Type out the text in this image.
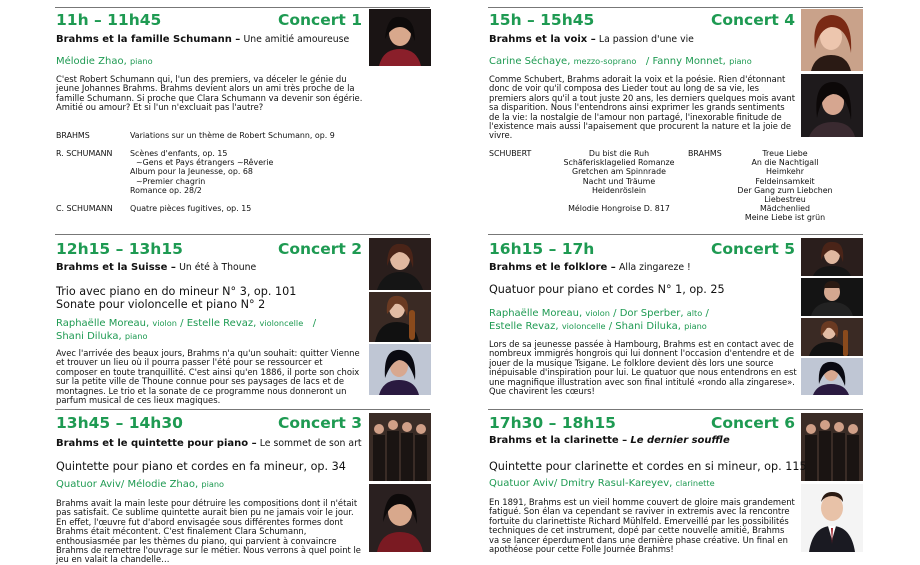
11h – 11h45	Concert 1
Brahms et la famille Schumann – Une amitié amoureuse
Mélodie Zhao, piano
C'est Robert Schumann qui, l'un des premiers, va déceler le génie du jeune Johannes Brahms. Brahms devient alors un ami très proche de la famille Schumann. Si proche que Clara Schumann va devenir son égérie. Amitié ou amour? Et si l'un n'excluait pas l'autre?
BRAHMS	Variations sur un thème de Robert Schumann, op. 9
R. SCHUMANN Scènes d'enfants, op. 15
~Gens et Pays étrangers ~Rêverie
Album pour la Jeunesse, op. 68
~Premier chagrin
Romance op. 28/2
C. SCHUMANN Quatre pièces fugitives, op. 15
12h15 – 13h15	Concert 2
Brahms et la Suisse – Un été à Thoune
Trio avec piano en do mineur N° 3, op. 101
Sonate pour violoncelle et piano N° 2
Raphaëlle Moreau, violon / Estelle Revaz, violoncelle /
Shani Diluka, piano
Avec l'arrivée des beaux jours, Brahms n'a qu'un souhait: quitter Vienne et trouver un lieu où il pourra passer l'été pour se ressourcer et composer en toute tranquillité. C'est ainsi qu'en 1886, il porte son choix sur la petite ville de Thoune connue pour ses paysages de lacs et de montagnes. Le trio et la sonate de ce programme nous donneront un parfum musical de ces lieux magiques.
13h45 – 14h30	Concert 3
Brahms et le quintette pour piano – Le sommet de son art
Quintette pour piano et cordes en fa mineur, op. 34
Quatuor Aviv/ Mélodie Zhao, piano
Brahms avait la main leste pour détruire les compositions dont il n'était pas satisfait. Ce sublime quintette aurait bien pu ne jamais voir le jour. En effet, l'œuvre fut d'abord envisagée sous différentes formes dont Brahms était mécontent. C'est finalement Clara Schumann, enthousiasmée par les thèmes du piano, qui parvient à convaincre Brahms de remettre l'ouvrage sur le métier. Nous verrons à quel point le jeu en valait la chandelle…
15h – 15h45	Concert 4
Brahms et la voix – La passion d'une vie
Carine Séchaye, mezzo-soprano / Fanny Monnet, piano
Comme Schubert, Brahms adorait la voix et la poésie. Rien d'étonnant donc de voir qu'il composa des Lieder tout au long de sa vie, les premiers alors qu'il a tout juste 20 ans, les derniers quelques mois avant sa disparition. Nous l'entendrons ainsi exprimer les grands sentiments de la vie: la nostalgie de l'amour non partagé, l'inexorable finitude de l'existence mais aussi l'apaisement que procurent la nature et la joie de vivre.
SCHUBERT	Du bist die Ruh
Schäferisklagelied Romanze
Gretchen am Spinnrade
Nacht und Träume
Heidenröslein

Mélodie Hongroise D. 817
BRAHMS	Treue Liebe
An die Nachtigall
Heimkehr
Feldeinsamkeit
Der Gang zum Liebchen
Liebestreu
Mädchenlied
Meine Liebe ist grün
16h15 – 17h	Concert 5
Brahms et le folklore – Alla zingareze !
Quatuor pour piano et cordes N° 1, op. 25
Raphaëlle Moreau, violon / Dor Sperber, alto /
Estelle Revaz, violoncelle / Shani Diluka, piano
Lors de sa jeunesse passée à Hambourg, Brahms est en contact avec de nombreux immigrés hongrois qui lui donnent l'occasion d'entendre et de jouer de la musique Tsigane. Le folklore devient dès lors une source inépuisable d'inspiration pour lui. Le quatuor que nous entendrons en est une magnifique illustration avec son final intitulé «rondo alla zingarese». Que chavirent les cœurs!
17h30 – 18h15	Concert 6
Brahms et la clarinette – Le dernier souffle
Quintette pour clarinette et cordes en si mineur, op. 115
Quatuor Aviv/ Dmitry Rasul-Kareyev, clarinette
En 1891, Brahms est un vieil homme couvert de gloire mais grandement fatigué. Son élan va cependant se raviver in extremis avec la rencontre fortuite du clarinettiste Richard Mühlfeld. Emerveillé par les possibilités techniques de cet instrument, dopé par cette nouvelle amitié, Brahms va se lancer éperdument dans une dernière phase créative. Un final en apothéose pour cette Folle Journée Brahms!
